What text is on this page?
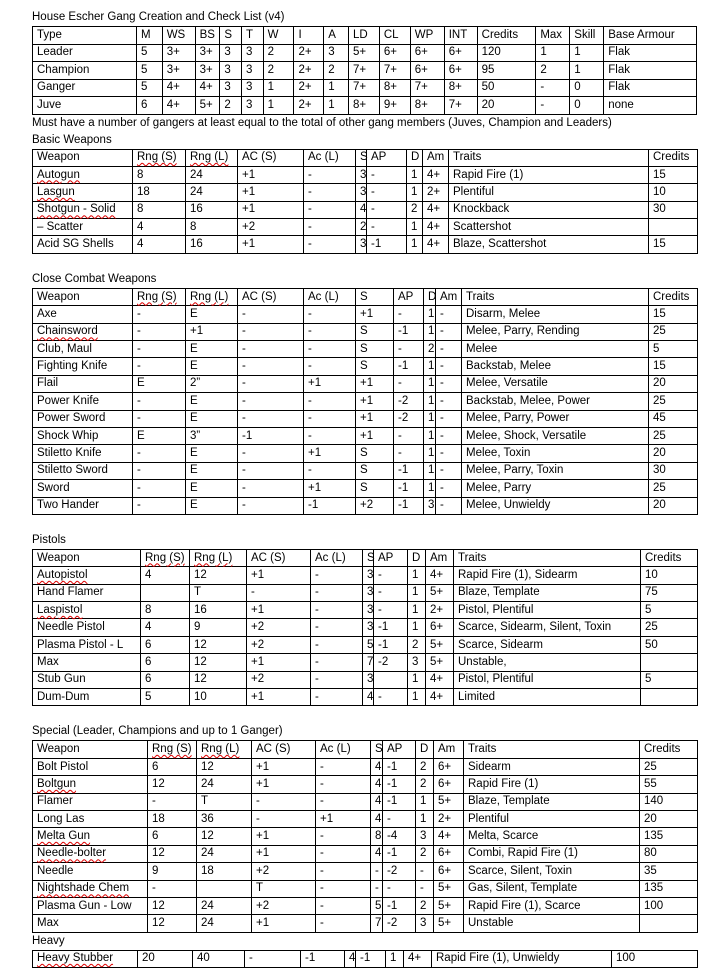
House Escher Gang Creation and Check List (v4)
Type	M	WS	BS	S	T	W	I	A	LD	CL	WP	INT	Credits	Max	Skill	Base Armour
Leader	5	3+	3+	3	3	2	2+	3	5+	6+	6+	6+	120	1	1	Flak
Champion	5	3+	3+	3	3	2	2+	2	7+	7+	6+	6+	95	2	1	Flak
Ganger	5	4+	4+	3	3	1	2+	1	7+	8+	7+	8+	50	-	0	Flak
Juve	6	4+	5+	2	3	1	2+	1	8+	9+	8+	7+	20	-	0	none
Must have a number of gangers at least equal to the total of other gang members (Juves, Champion and Leaders)
Basic Weapons
Weapon	Rng (S)	Rng (L)	AC (S)	Ac (L)	S	AP	D	Am	Traits	Credits
Autogun	8	24	+1	-	3	-	1	4+	Rapid Fire (1)	15
Lasgun	18	24	+1	-	3	-	1	2+	Plentiful	10
Shotgun - Solid	8	16	+1	-	4	-	2	4+	Knockback	30
– Scatter	4	8	+2	-	2	-	1	4+	Scattershot	
Acid SG Shells	4	16	+1	-	3	-1	1	4+	Blaze, Scattershot	15
Close Combat Weapons
Weapon	Rng (S)	Rng (L)	AC (S)	Ac (L)	S	AP	D	Am	Traits	Credits
Axe	-	E	-	-	+1	-	1	-	Disarm, Melee	15
Chainsword	-	+1	-	-	S	-1	1	-	Melee, Parry, Rending	25
Club, Maul	-	E	-	-	S	-	2	-	Melee	5
Fighting Knife	-	E	-	-	S	-1	1	-	Backstab, Melee	15
Flail	E	2”	-	+1	+1	-	1	-	Melee, Versatile	20
Power Knife	-	E	-	-	+1	-2	1	-	Backstab, Melee, Power	25
Power Sword	-	E	-	-	+1	-2	1	-	Melee, Parry, Power	45
Shock Whip	E	3”	-1	-	+1	-	1	-	Melee, Shock, Versatile	25
Stiletto Knife	-	E	-	+1	S	-	1	-	Melee, Toxin	20
Stiletto Sword	-	E	-	-	S	-1	1	-	Melee, Parry, Toxin	30
Sword	-	E	-	+1	S	-1	1	-	Melee, Parry	25
Two Hander	-	E	-	-1	+2	-1	3	-	Melee, Unwieldy	20
Pistols
Weapon	Rng (S)	Rng (L)	AC (S)	Ac (L)	S	AP	D	Am	Traits	Credits
Autopistol	4	12	+1	-	3	-	1	4+	Rapid Fire (1), Sidearm	10
Hand Flamer		T	-	-	3	-	1	5+	Blaze, Template	75
Laspistol	8	16	+1	-	3	-	1	2+	Pistol, Plentiful	5
Needle Pistol	4	9	+2	-	3	-1	1	6+	Scarce, Sidearm, Silent, Toxin	25
Plasma Pistol - L	6	12	+2	-	5	-1	2	5+	Scarce, Sidearm	50
Max	6	12	+1	-	7	-2	3	5+	Unstable,	
Stub Gun	6	12	+2	-	3		1	4+	Pistol, Plentiful	5
Dum-Dum	5	10	+1	-	4	-	1	4+	Limited	
Special (Leader, Champions and up to 1 Ganger)
Weapon	Rng (S)	Rng (L)	AC (S)	Ac (L)	S	AP	D	Am	Traits	Credits
Bolt Pistol	6	12	+1	-	4	-1	2	6+	Sidearm	25
Boltgun	12	24	+1	-	4	-1	2	6+	Rapid Fire (1)	55
Flamer	-	T	-	-	4	-1	1	5+	Blaze, Template	140
Long Las	18	36	-	+1	4	-	1	2+	Plentiful	20
Melta Gun	6	12	+1	-	8	-4	3	4+	Melta, Scarce	135
Needle-bolter	12	24	+1	-	4	-1	2	6+	Combi, Rapid Fire (1)	80
Needle	9	18	+2	-	-	-2	-	6+	Scarce, Silent, Toxin	35
Nightshade Chem	-		T	-	-	-	-	5+	Gas, Silent, Template	135
Plasma Gun - Low	12	24	+2	-	5	-1	2	5+	Rapid Fire (1), Scarce	100
Max	12	24	+1	-	7	-2	3	5+	Unstable	
Heavy
Heavy Stubber	20	40	-	-1	4	-1	1	4+	Rapid Fire (1), Unwieldy	100
